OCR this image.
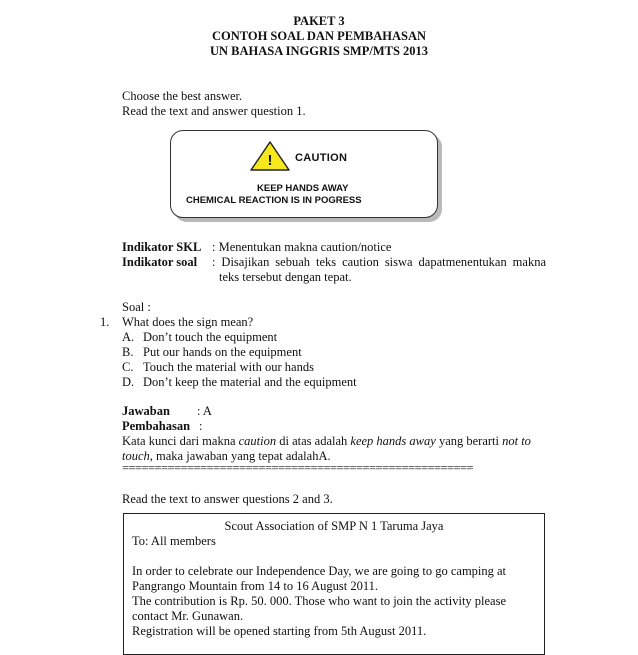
PAKET 3
CONTOH SOAL DAN PEMBAHASAN
UN BAHASA INGGRIS SMP/MTS 2013
Choose the best answer.
Read the text and answer question 1.
! CAUTION
KEEP HANDS AWAY
CHEMICAL REACTION IS IN POGRESS
Indikator SKL : Menentukan makna caution/notice
Indikator soal : Disajikan sebuah teks caution siswa dapatmenentukan makna
teks tersebut dengan tepat.
Soal :
1. What does the sign mean?
A. Don’t touch the equipment
B. Put our hands on the equipment
C. Touch the material with our hands
D. Don’t keep the material and the equipment
Jawaban : A
Pembahasan :
Kata kunci dari makna caution di atas adalah keep hands away yang berarti not to
touch, maka jawaban yang tepat adalahA.
======================================================
Read the text to answer questions 2 and 3.
Scout Association of SMP N 1 Taruma Jaya
To: All members
In order to celebrate our Independence Day, we are going to go camping at
Pangrango Mountain from 14 to 16 August 2011.
The contribution is Rp. 50. 000. Those who want to join the activity please
contact Mr. Gunawan.
Registration will be opened starting from 5th August 2011.
